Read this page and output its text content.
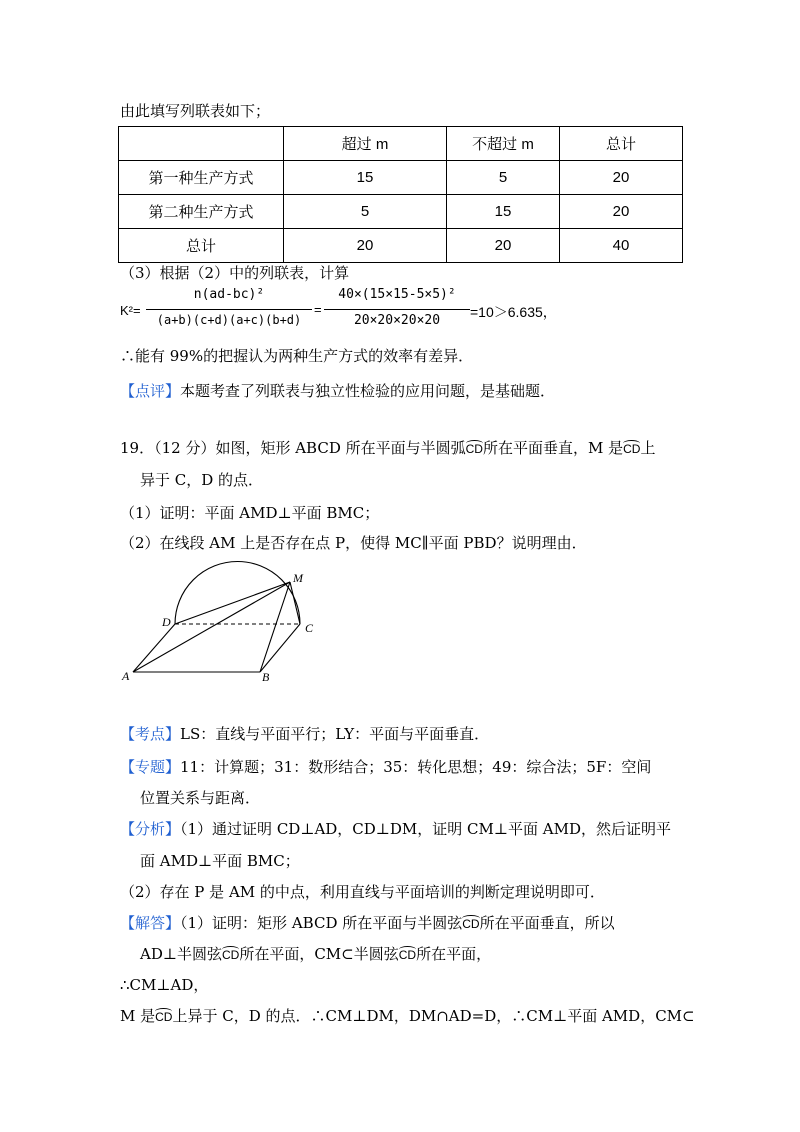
由此填写列联表如下；
	超过 m	不超过 m	总计
第一种生产方式	15	5	20
第二种生产方式	5	15	20
总计	20	20	40
（3）根据（2）中的列联表，计算
K²=
n(ad-bc)²
(a+b)(c+d)(a+c)(b+d)
=
40×(15×15-5×5)²
20×20×20×20
=10＞6.635，
∴能有 99%的把握认为两种生产方式的效率有差异．
【点评】本题考查了列联表与独立性检验的应用问题，是基础题．
19．（12 分）如图，矩形 ABCD 所在平面与半圆弧CD所在平面垂直，M 是CD上
异于 C，D 的点．
（1）证明：平面 AMD⊥平面 BMC；
（2）在线段 AM 上是否存在点 P，使得 MC∥平面 PBD？说明理由．
M
D	C
A	B
【考点】LS：直线与平面平行；LY：平面与平面垂直．
【专题】11：计算题；31：数形结合；35：转化思想；49：综合法；5F：空间
位置关系与距离．
【分析】（1）通过证明 CD⊥AD，CD⊥DM，证明 CM⊥平面 AMD，然后证明平
面 AMD⊥平面 BMC；
（2）存在 P 是 AM 的中点，利用直线与平面培训的判断定理说明即可．
【解答】（1）证明：矩形 ABCD 所在平面与半圆弦CD所在平面垂直，所以
AD⊥半圆弦CD所在平面，CM⊂半圆弦CD所在平面，
∴CM⊥AD，
M 是CD上异于 C，D 的点．∴CM⊥DM，DM∩AD=D，∴CM⊥平面 AMD，CM⊂
